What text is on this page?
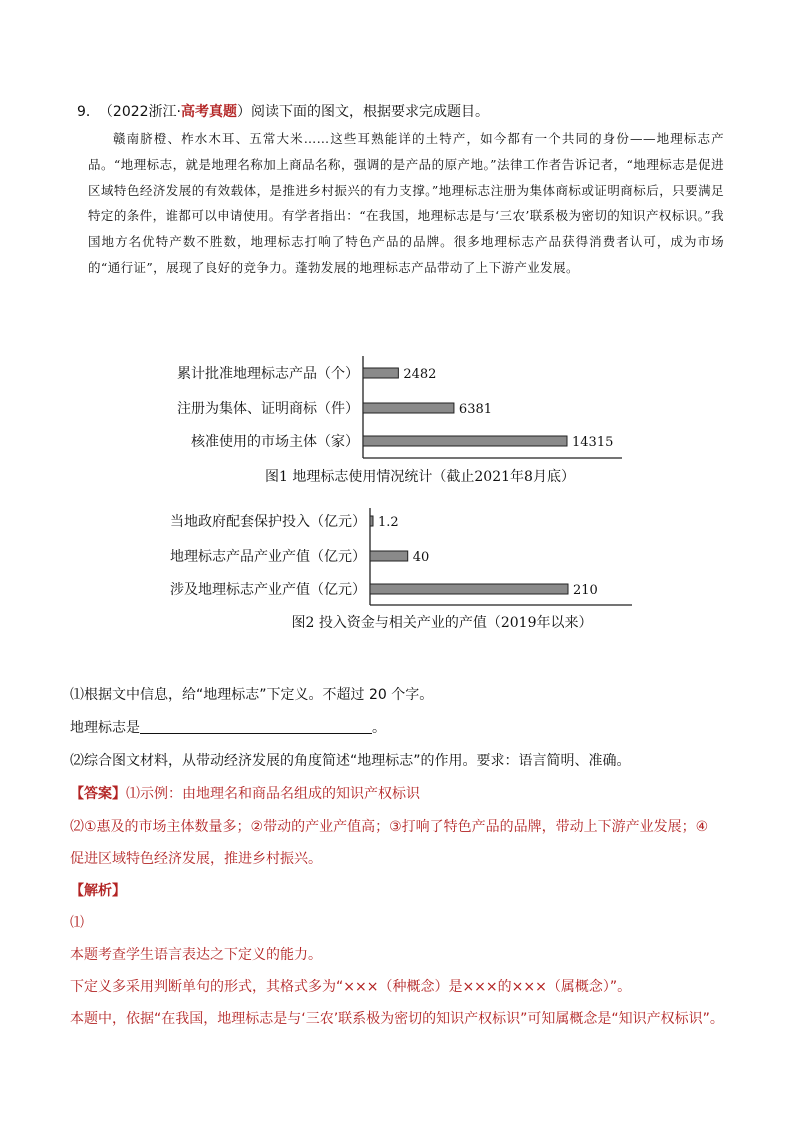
9． （2022浙江·高考真题）阅读下面的图文，根据要求完成题目。
赣南脐橙、柞水木耳、五常大米……这些耳熟能详的土特产，如今都有一个共同的身份——地理标志产品。“地理标志，就是地理名称加上商品名称，强调的是产品的原产地。”法律工作者告诉记者，“地理标志是促进区域特色经济发展的有效载体，是推进乡村振兴的有力支撑。”地理标志注册为集体商标或证明商标后，只要满足特定的条件，谁都可以申请使用。有学者指出：“在我国，地理标志是与‘三农’联系极为密切的知识产权标识。”我国地方名优特产数不胜数，地理标志打响了特色产品的品牌。很多地理标志产品获得消费者认可，成为市场的“通行证”，展现了良好的竞争力。蓬勃发展的地理标志产品带动了上下游产业发展。
累计批准地理标志产品（个）	2482
注册为集体、证明商标（件）	6381
核准使用的市场主体（家）	14315
图1 地理标志使用情况统计（截止2021年8月底）
当地政府配套保护投入（亿元） 1.2
地理标志产品产业产值（亿元）	40
涉及地理标志产业产值（亿元）	210
图2 投入资金与相关产业的产值（2019年以来）
⑴根据文中信息，给“地理标志”下定义。不超过 20 个字。
地理标志是	。
⑵综合图文材料，从带动经济发展的角度简述“地理标志”的作用。要求：语言简明、准确。
【答案】⑴示例：由地理名和商品名组成的知识产权标识
⑵①惠及的市场主体数量多；②带动的产业产值高；③打响了特色产品的品牌，带动上下游产业发展；④
促进区域特色经济发展，推进乡村振兴。
【解析】
⑴
本题考查学生语言表达之下定义的能力。
下定义多采用判断单句的形式，其格式多为“×××（种概念）是×××的×××（属概念）”。
本题中，依据“在我国，地理标志是与‘三农’联系极为密切的知识产权标识”可知属概念是“知识产权标识”。
